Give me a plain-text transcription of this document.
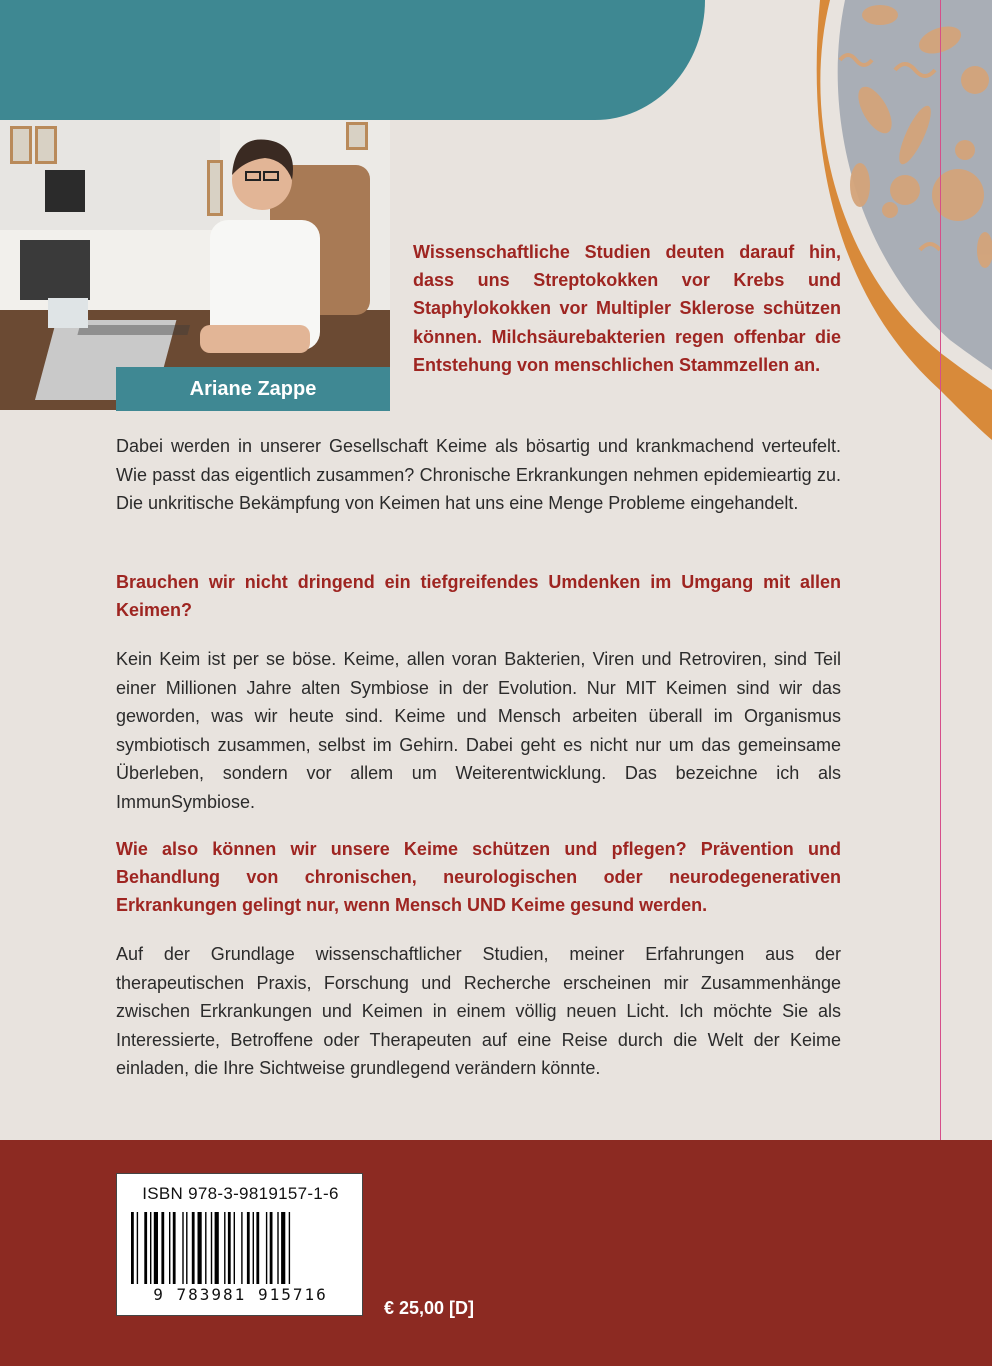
Ariane Zappe

Wissenschaftliche Studien deuten darauf hin, dass uns Streptokokken vor Krebs und Staphylokokken vor Multipler Sklerose schützen können. Milchsäurebakterien regen offenbar die Entstehung von menschlichen Stammzellen an.

Dabei werden in unserer Gesellschaft Keime als bösartig und krankmachend verteufelt. Wie passt das eigentlich zusammen? Chronische Erkrankungen nehmen epidemieartig zu. Die unkritische Bekämpfung von Keimen hat uns eine Menge Probleme eingehandelt.

Brauchen wir nicht dringend ein tiefgreifendes Umdenken im Umgang mit allen Keimen?

Kein Keim ist per se böse. Keime, allen voran Bakterien, Viren und Retroviren, sind Teil einer Millionen Jahre alten Symbiose in der Evolution. Nur MIT Keimen sind wir das geworden, was wir heute sind. Keime und Mensch arbeiten überall im Organismus symbiotisch zusammen, selbst im Gehirn. Dabei geht es nicht nur um das gemeinsame Überleben, sondern vor allem um Weiterentwicklung. Das bezeichne ich als ImmunSymbiose.

Wie also können wir unsere Keime schützen und pflegen? Prävention und Behandlung von chronischen, neurologischen oder neurodegenerativen Erkrankungen gelingt nur, wenn Mensch UND Keime gesund werden.

Auf der Grundlage wissenschaftlicher Studien, meiner Erfahrungen aus der therapeutischen Praxis, Forschung und Recherche erscheinen mir Zusammenhänge zwischen Erkrankungen und Keimen in einem völlig neuen Licht. Ich möchte Sie als Interessierte, Betroffene oder Therapeuten auf eine Reise durch die Welt der Keime einladen, die Ihre Sichtweise grundlegend verändern könnte.

ISBN 978-3-9819157-1-6
9 783981 915716
€ 25,00 [D]
